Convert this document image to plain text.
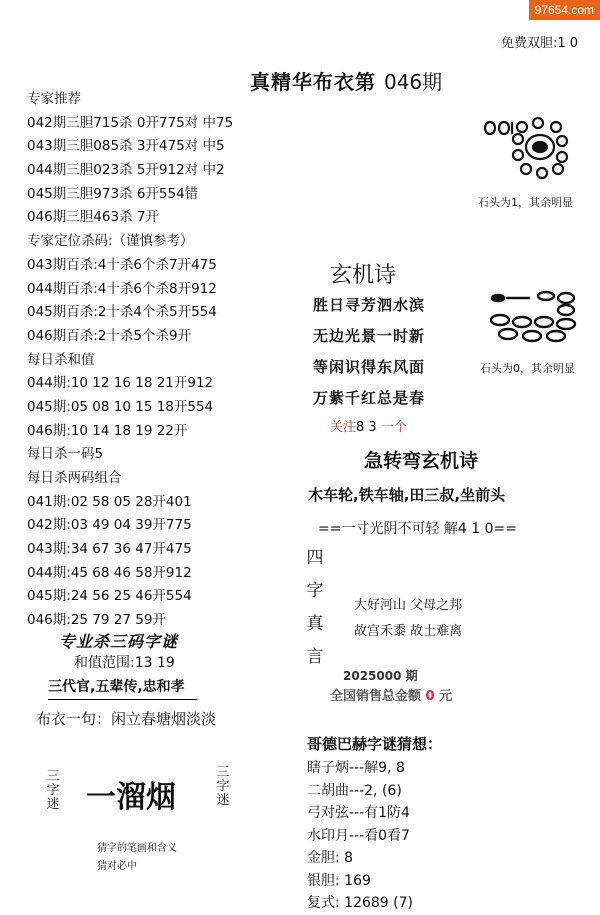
97654.com
免费双胆:1 0
真精华布衣第 046期
专家推荐
042期三胆715杀 0开775对 中75
043期三胆085杀 3开475对 中5
044期三胆023杀 5开912对 中2
045期三胆973杀 6开554错
046期三胆463杀 7开
专家定位杀码:（谨慎参考）
043期百杀:4十杀6个杀7开475
044期百杀:4十杀6个杀8开912
045期百杀:2十杀4个杀5开554
046期百杀:2十杀5个杀9开
每日杀和值
044期:10 12 16 18 21开912
045期:05 08 10 15 18开554
046期:10 14 18 19 22开
每日杀一码5
每日杀两码组合
041期:02 58 05 28开401
042期:03 49 04 39开775
043期:34 67 36 47开475
044期:45 68 46 58开912
045期:24 56 25 46开554
046期:25 79 27 59开
石头为1，其余明显
玄机诗
胜日寻芳泗水滨
无边光景一时新
等闲识得东风面
万紫千红总是春
石头为0，其余明显
关注8 3 一个
急转弯玄机诗
木车轮,铁车轴,田三叔,坐前头
==一寸光阴不可轻 解4 1 0==
四
字
真
言
大好河山 父母之邦
故宫禾黍 故土难离
2025000 期
全国销售总金额 0 元
专业杀三码字谜
和值范围:13 19
三代官,五辈传,忠和孝
布衣一句：闲立春塘烟淡淡
三
字
迷 一溜烟
三
字
迷
猜字的笔画和含义
猜对必中
哥德巴赫字谜猜想：
瞎子炳---解9, 8
二胡曲---2, (6)
弓对弦---有1防4
水印月---看0看7
金胆: 8
银胆: 169
复式: 12689 (7)
